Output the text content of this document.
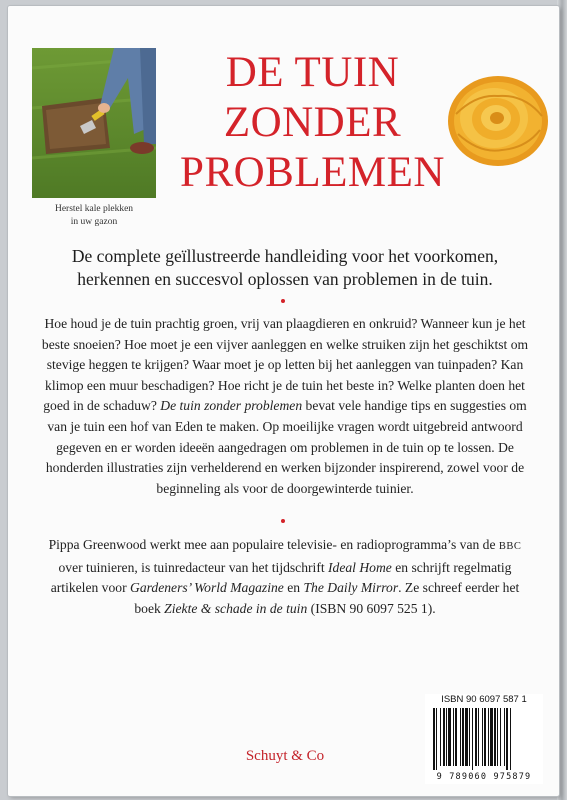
Herstel kale plekken
in uw gazon
DE TUIN
ZONDER
PROBLEMEN
De complete geïllustreerde handleiding voor het voorkomen, herkennen en succesvol oplossen van problemen in de tuin.
Hoe houd je de tuin prachtig groen, vrij van plaagdieren en onkruid? Wanneer kun je het beste snoeien? Hoe moet je een vijver aanleggen en welke struiken zijn het geschiktst om stevige heggen te krijgen? Waar moet je op letten bij het aanleggen van tuinpaden? Kan klimop een muur beschadigen? Hoe richt je de tuin het beste in? Welke planten doen het goed in de schaduw? De tuin zonder problemen bevat vele handige tips en suggesties om van je tuin een hof van Eden te maken. Op moeilijke vragen wordt uitgebreid antwoord gegeven en er worden ideeën aangedragen om problemen in de tuin op te lossen. De honderden illustraties zijn verhelderend en werken bijzonder inspirerend, zowel voor de beginneling als voor de doorgewinterde tuinier.
Pippa Greenwood werkt mee aan populaire televisie- en radioprogramma’s van de BBC over tuinieren, is tuinredacteur van het tijdschrift Ideal Home en schrijft regelmatig artikelen voor Gardeners’ World Magazine en The Daily Mirror. Ze schreef eerder het boek Ziekte & schade in de tuin (ISBN 90 6097 525 1).
ISBN 90 6097 587 1
9 789060 975879
Schuyt & Co
